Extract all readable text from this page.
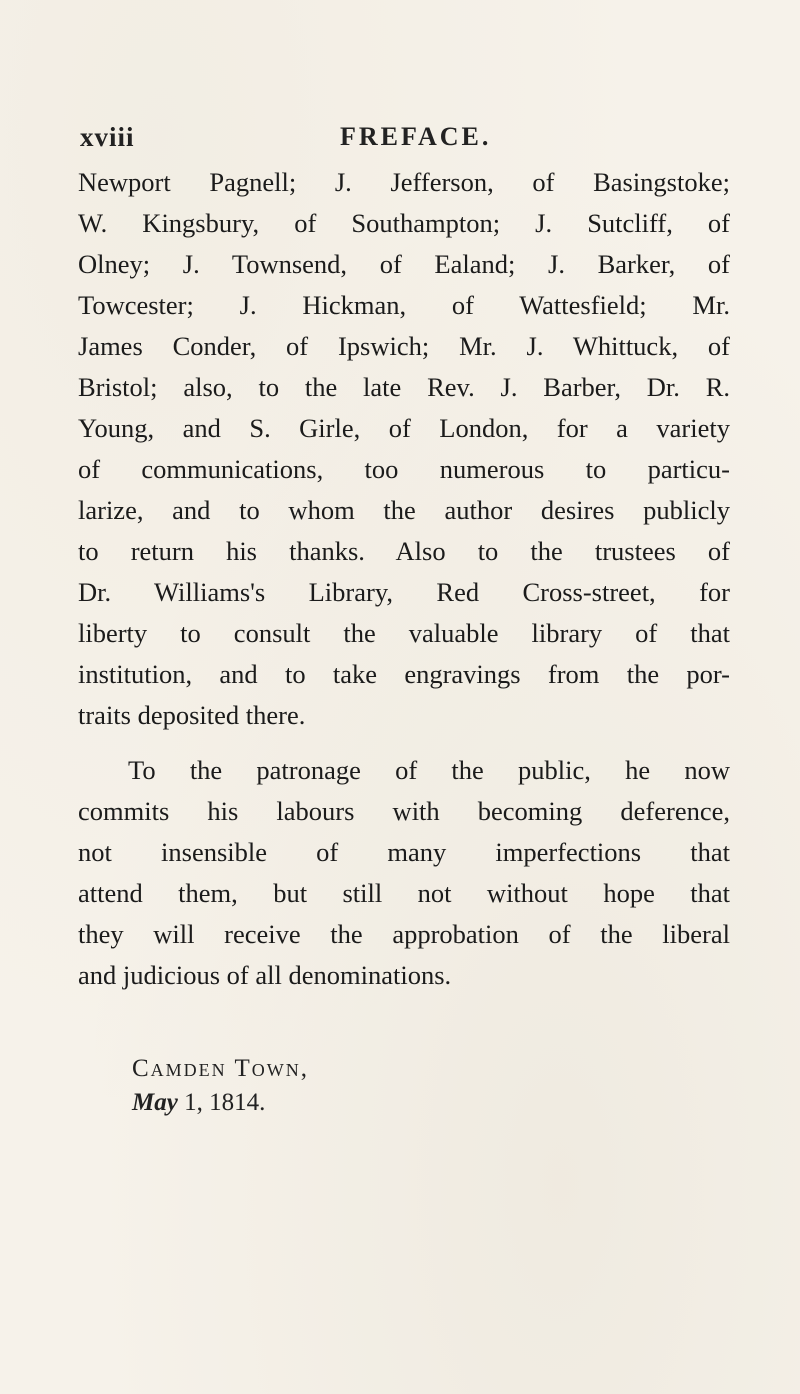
xviii	FREFACE.
Newport Pagnell; J. Jefferson, of Basingstoke;
W. Kingsbury, of Southampton; J. Sutcliff, of
Olney; J. Townsend, of Ealand; J. Barker, of
Towcester; J. Hickman, of Wattesfield; Mr.
James Conder, of Ipswich; Mr. J. Whittuck, of
Bristol; also, to the late Rev. J. Barber, Dr. R.
Young, and S. Girle, of London, for a variety
of communications, too numerous to particu-
larize, and to whom the author desires publicly
to return his thanks. Also to the trustees of
Dr. Williams's Library, Red Cross-street, for
liberty to consult the valuable library of that
institution, and to take engravings from the por-
traits deposited there.
To the patronage of the public, he now
commits his labours with becoming deference,
not insensible of many imperfections that
attend them, but still not without hope that
they will receive the approbation of the liberal
and judicious of all denominations.
Camden Town,
May 1, 1814.
